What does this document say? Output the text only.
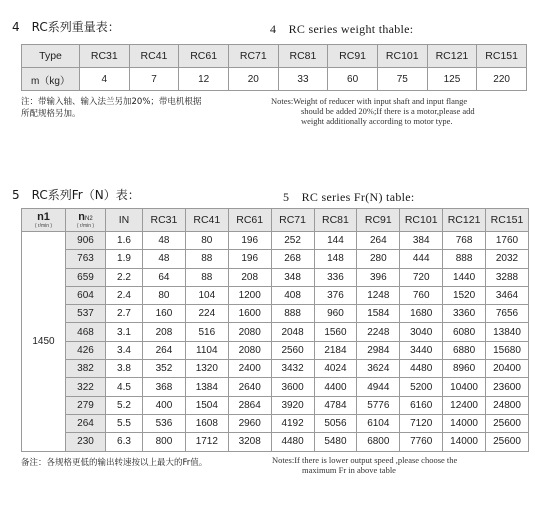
4　RC系列重量表：	4　RC series weight thable:
Type	RC31	RC41	RC61	RC71	RC81	RC91	RC101	RC121	RC151
m（kg）	4	7	12	20	33	60	75	125	220
注：带输入轴、输入法兰另加20%；带电机根据
所配规格另加。
Notes:Weight of reducer with input shaft and input flange
should be added 20%;If there is a motor,please add
weight additionally according to motor type.
5　RC系列Fr（N）表：	5　RC series Fr(N) table:
n1
( r/min )	nN2
( r/min )	IN	RC31	RC41	RC61	RC71	RC81	RC91	RC101	RC121	RC151
1450	906	1.6	48	80	196	252	144	264	384	768	1760
	763	1.9	48	88	196	268	148	280	444	888	2032
	659	2.2	64	88	208	348	336	396	720	1440	3288
	604	2.4	80	104	1200	408	376	1248	760	1520	3464
	537	2.7	160	224	1600	888	960	1584	1680	3360	7656
	468	3.1	208	516	2080	2048	1560	2248	3040	6080	13840
	426	3.4	264	1104	2080	2560	2184	2984	3440	6880	15680
	382	3.8	352	1320	2400	3432	4024	3624	4480	8960	20400
	322	4.5	368	1384	2640	3600	4400	4944	5200	10400	23600
	279	5.2	400	1504	2864	3920	4784	5776	6160	12400	24800
	264	5.5	536	1608	2960	4192	5056	6104	7120	14000	25600
	230	6.3	800	1712	3208	4480	5480	6800	7760	14000	25600
备注：各规格更低的输出转速按以上最大的Fr值。	Notes:If there is lower output speed ,please choose the
maximum Fr in above table
